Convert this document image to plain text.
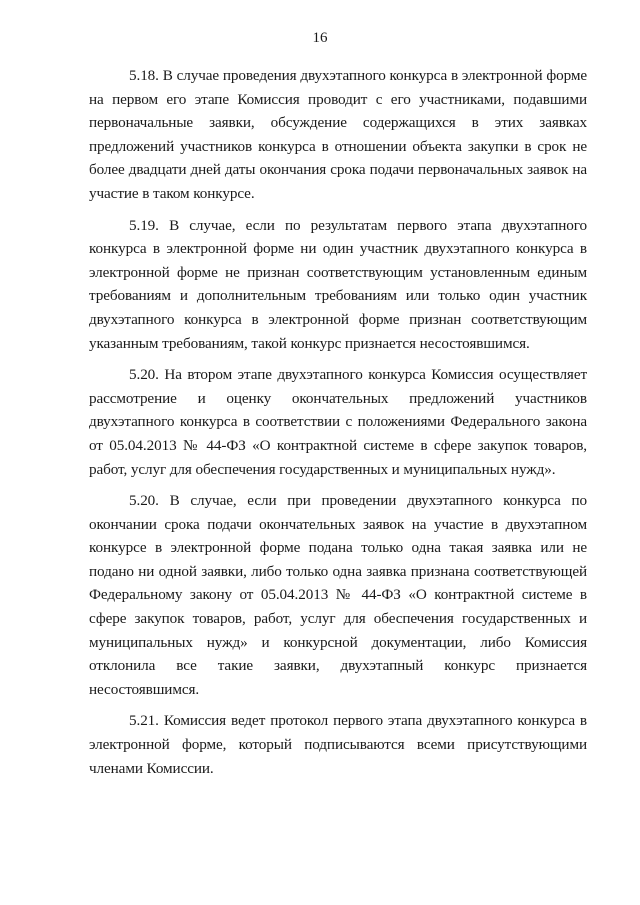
16

5.18. В случае проведения двухэтапного конкурса в электронной форме на первом его этапе Комиссия проводит с его участниками, подавшими первоначальные заявки, обсуждение содержащихся в этих заявках предложений участников конкурса в отношении объекта закупки в срок не более двадцати дней даты окончания срока подачи первоначальных заявок на участие в таком конкурсе.

5.19. В случае, если по результатам первого этапа двухэтапного конкурса в электронной форме ни один участник двухэтапного конкурса в электронной форме не признан соответствующим установленным единым требованиям и дополнительным требованиям или только один участник двухэтапного конкурса в электронной форме признан соответствующим указанным требованиям, такой конкурс признается несостоявшимся.

5.20. На втором этапе двухэтапного конкурса Комиссия осуществляет рассмотрение и оценку окончательных предложений участников двухэтапного конкурса в соответствии с положениями Федерального закона от 05.04.2013 № 44-ФЗ «О контрактной системе в сфере закупок товаров, работ, услуг для обеспечения государственных и муниципальных нужд».

5.20. В случае, если при проведении двухэтапного конкурса по окончании срока подачи окончательных заявок на участие в двухэтапном конкурсе в электронной форме подана только одна такая заявка или не подано ни одной заявки, либо только одна заявка признана соответствующей Федеральному закону от 05.04.2013 № 44-ФЗ «О контрактной системе в сфере закупок товаров, работ, услуг для обеспечения государственных и муниципальных нужд» и конкурсной документации, либо Комиссия отклонила все такие заявки, двухэтапный конкурс признается несостоявшимся.

5.21. Комиссия ведет протокол первого этапа двухэтапного конкурса в электронной форме, который подписываются всеми присутствующими членами Комиссии.
